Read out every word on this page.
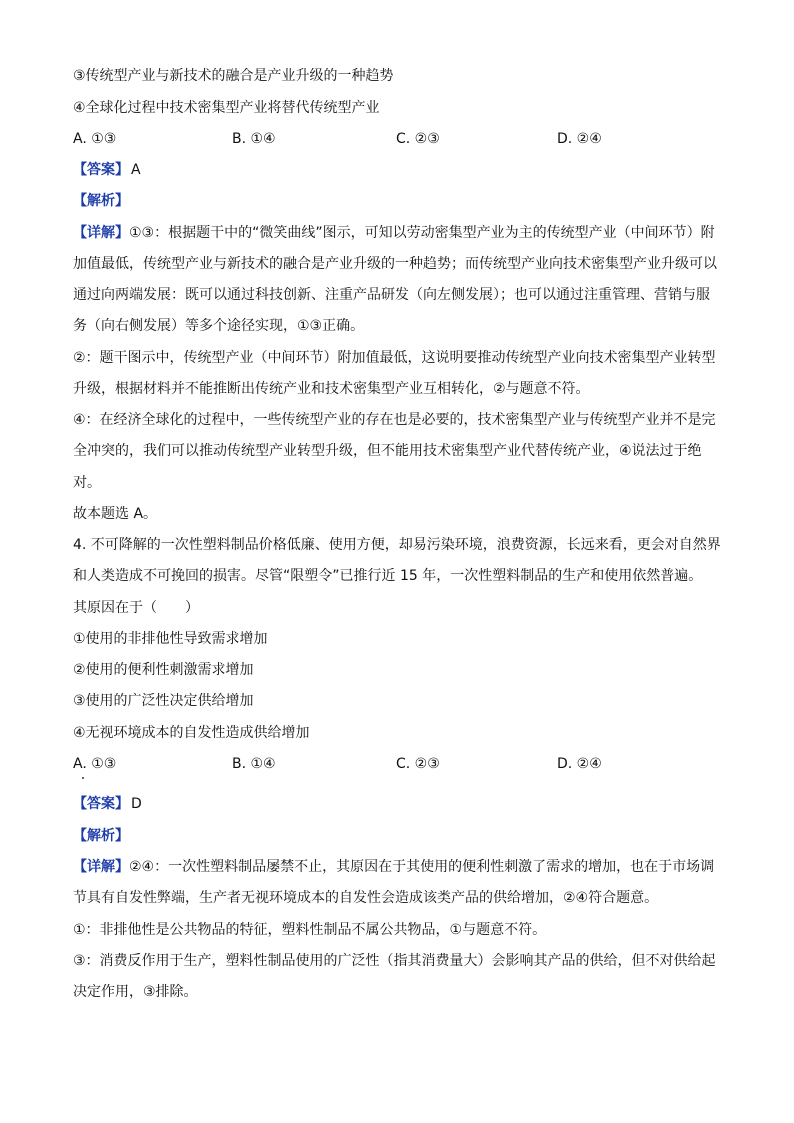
③传统型产业与新技术的融合是产业升级的一种趋势
④全球化过程中技术密集型产业将替代传统型产业
A. ①③	B. ①④	C. ②③	D. ②④
【答案】 A
【解析】
【详解】①③：根据题干中的“微笑曲线”图示，可知以劳动密集型产业为主的传统型产业（中间环节）附
加值最低，传统型产业与新技术的融合是产业升级的一种趋势；而传统型产业向技术密集型产业升级可以
通过向两端发展：既可以通过科技创新、注重产品研发（向左侧发展）；也可以通过注重管理、营销与服
务（向右侧发展）等多个途径实现，①③正确。
②：题干图示中，传统型产业（中间环节）附加值最低，这说明要推动传统型产业向技术密集型产业转型
升级，根据材料并不能推断出传统产业和技术密集型产业互相转化，②与题意不符。
④：在经济全球化的过程中，一些传统型产业的存在也是必要的，技术密集型产业与传统型产业并不是完
全冲突的，我们可以推动传统型产业转型升级，但不能用技术密集型产业代替传统产业，④说法过于绝
对。
故本题选 A。
4. 不可降解的一次性塑料制品价格低廉、使用方便，却易污染环境，浪费资源，长远来看，更会对自然界
和人类造成不可挽回的损害。尽管“限塑令”已推行近 15 年，一次性塑料制品的生产和使用依然普遍。
其原因在于（　　）
①使用的非排他性导致需求增加
②使用的便利性刺激需求增加
③使用的广泛性决定供给增加
④无视环境成本的自发性造成供给增加
A. ①③	B. ①④	C. ②③	D. ②④
【答案】 D
【解析】
【详解】②④：一次性塑料制品屡禁不止，其原因在于其使用的便利性刺激了需求的增加，也在于市场调
节具有自发性弊端，生产者无视环境成本的自发性会造成该类产品的供给增加，②④符合题意。
①：非排他性是公共物品的特征，塑料性制品不属公共物品，①与题意不符。
③：消费反作用于生产，塑料性制品使用的广泛性（指其消费量大）会影响其产品的供给，但不对供给起
决定作用，③排除。
